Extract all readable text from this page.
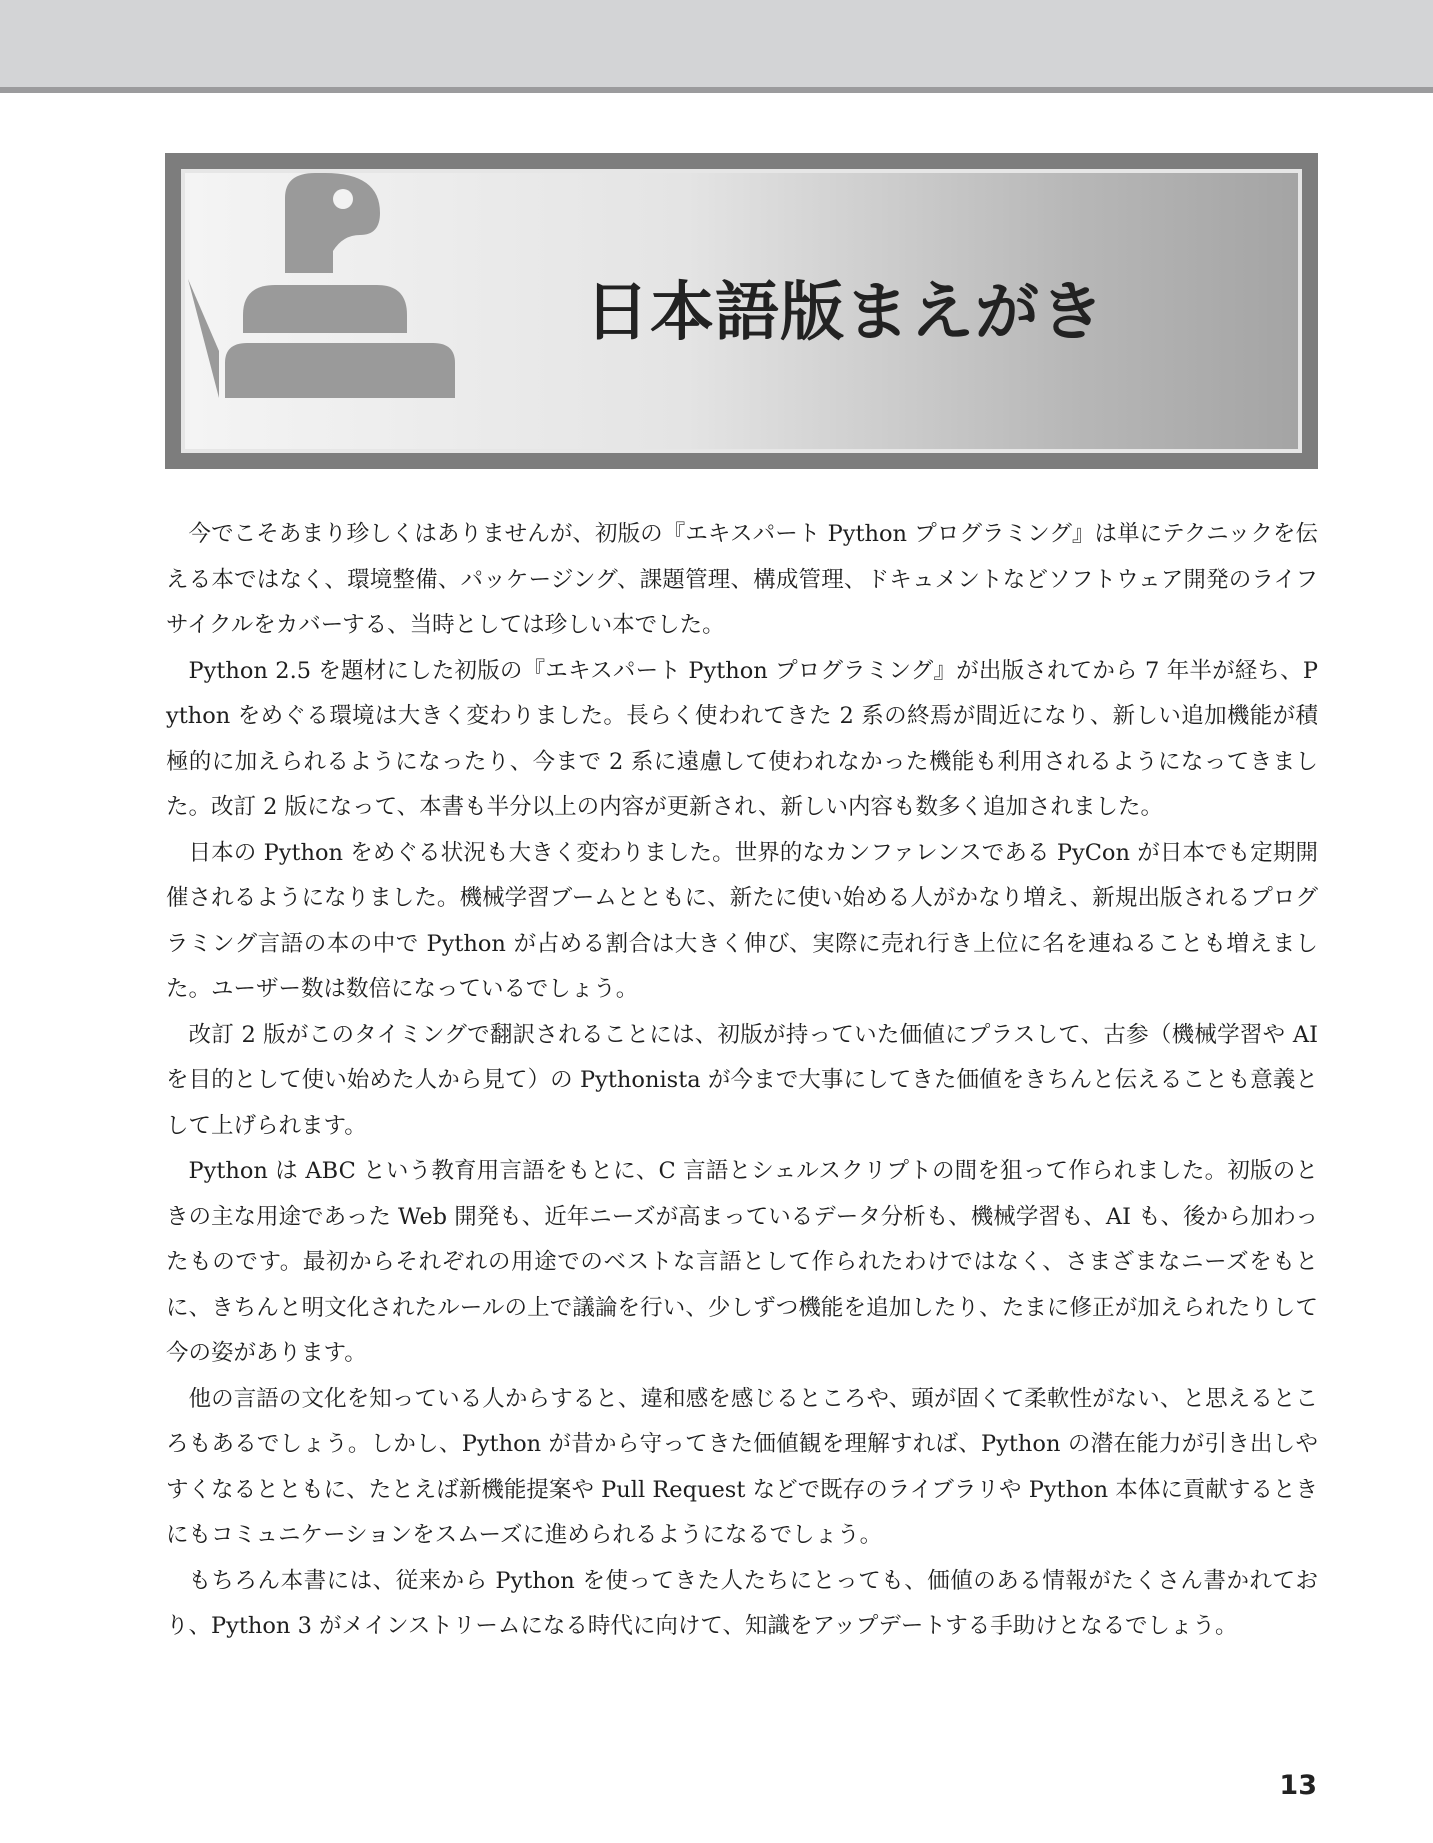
日本語版まえがき

今でこそあまり珍しくはありませんが、初版の『エキスパート Python プログラミング』は単にテクニックを伝える本ではなく、環境整備、パッケージング、課題管理、構成管理、ドキュメントなどソフトウェア開発のライフサイクルをカバーする、当時としては珍しい本でした。

Python 2.5 を題材にした初版の『エキスパート Python プログラミング』が出版されてから 7 年半が経ち、Python をめぐる環境は大きく変わりました。長らく使われてきた 2 系の終焉が間近になり、新しい追加機能が積極的に加えられるようになったり、今まで 2 系に遠慮して使われなかった機能も利用されるようになってきました。改訂 2 版になって、本書も半分以上の内容が更新され、新しい内容も数多く追加されました。

日本の Python をめぐる状況も大きく変わりました。世界的なカンファレンスである PyCon が日本でも定期開催されるようになりました。機械学習ブームとともに、新たに使い始める人がかなり増え、新規出版されるプログラミング言語の本の中で Python が占める割合は大きく伸び、実際に売れ行き上位に名を連ねることも増えました。ユーザー数は数倍になっているでしょう。

改訂 2 版がこのタイミングで翻訳されることには、初版が持っていた価値にプラスして、古参（機械学習や AI を目的として使い始めた人から見て）の Pythonista が今まで大事にしてきた価値をきちんと伝えることも意義として上げられます。

Python は ABC という教育用言語をもとに、C 言語とシェルスクリプトの間を狙って作られました。初版のときの主な用途であった Web 開発も、近年ニーズが高まっているデータ分析も、機械学習も、AI も、後から加わったものです。最初からそれぞれの用途でのベストな言語として作られたわけではなく、さまざまなニーズをもとに、きちんと明文化されたルールの上で議論を行い、少しずつ機能を追加したり、たまに修正が加えられたりして今の姿があります。

他の言語の文化を知っている人からすると、違和感を感じるところや、頭が固くて柔軟性がない、と思えるところもあるでしょう。しかし、Python が昔から守ってきた価値観を理解すれば、Python の潜在能力が引き出しやすくなるとともに、たとえば新機能提案や Pull Request などで既存のライブラリや Python 本体に貢献するときにもコミュニケーションをスムーズに進められるようになるでしょう。

もちろん本書には、従来から Python を使ってきた人たちにとっても、価値のある情報がたくさん書かれており、Python 3 がメインストリームになる時代に向けて、知識をアップデートする手助けとなるでしょう。

13
